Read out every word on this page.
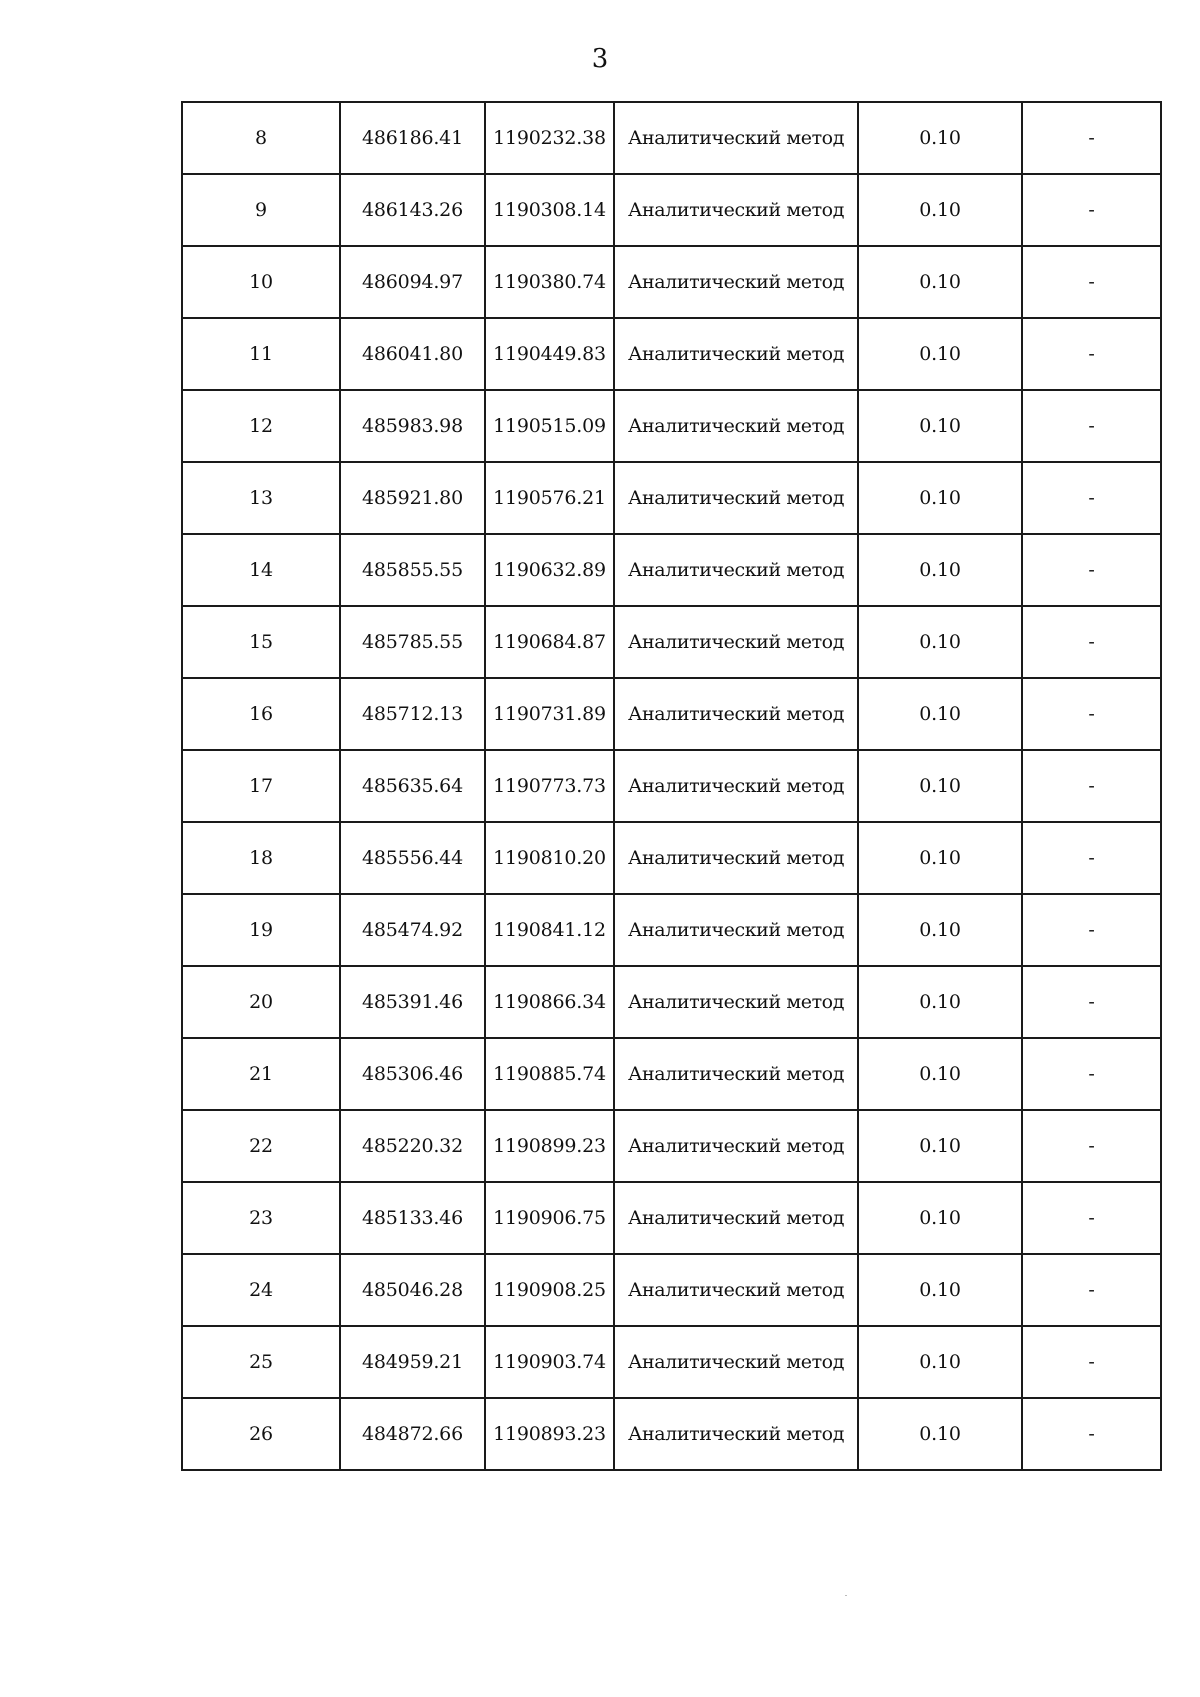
3
8	486186.41	1190232.38	Аналитический метод	0.10	-
9	486143.26	1190308.14	Аналитический метод	0.10	-
10	486094.97	1190380.74	Аналитический метод	0.10	-
11	486041.80	1190449.83	Аналитический метод	0.10	-
12	485983.98	1190515.09	Аналитический метод	0.10	-
13	485921.80	1190576.21	Аналитический метод	0.10	-
14	485855.55	1190632.89	Аналитический метод	0.10	-
15	485785.55	1190684.87	Аналитический метод	0.10	-
16	485712.13	1190731.89	Аналитический метод	0.10	-
17	485635.64	1190773.73	Аналитический метод	0.10	-
18	485556.44	1190810.20	Аналитический метод	0.10	-
19	485474.92	1190841.12	Аналитический метод	0.10	-
20	485391.46	1190866.34	Аналитический метод	0.10	-
21	485306.46	1190885.74	Аналитический метод	0.10	-
22	485220.32	1190899.23	Аналитический метод	0.10	-
23	485133.46	1190906.75	Аналитический метод	0.10	-
24	485046.28	1190908.25	Аналитический метод	0.10	-
25	484959.21	1190903.74	Аналитический метод	0.10	-
26	484872.66	1190893.23	Аналитический метод	0.10	-
